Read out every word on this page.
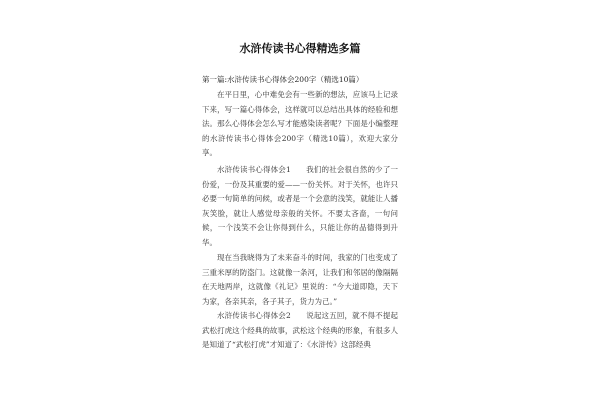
水浒传读书心得精选多篇
第一篇:水浒传读书心得体会200字（精选10篇）

在平日里，心中难免会有一些新的想法，应该马上记录下来，写一篇心得体会，这样就可以总结出具体的经验和想法。那么心得体会怎么写才能感染读者呢？下面是小编整理的水浒传读书心得体会200字（精选10篇），欢迎大家分享。

水浒传读书心得体会1　　我们的社会很自然的少了一份爱，一份及其重要的爱——一份关怀。对于关怀，也许只必要一句简单的问候，或者是一个会意的浅笑，就能让人播灰笑脸，就让人感觉母亲般的关怀。不要太吝啬，一句问候，一个浅笑不会让你得到什么，只能让你的品德得到升华。

现在当我晓得为了未来奋斗的时间，我家的门也变成了三重米厚的防盗门。这就像一条河，让我们和邻居的像隔隔在天地两岸，这就像《礼记》里说的：“今大道即隐，天下为家，各亲其亲，各子其子，货力为己。”

水浒传读书心得体会2　　说起这五回，就不得不提起武松打虎这个经典的故事，武松这个经典的形象，有很多人是知道了“武松打虎”才知道了：《水浒传》这部经典
